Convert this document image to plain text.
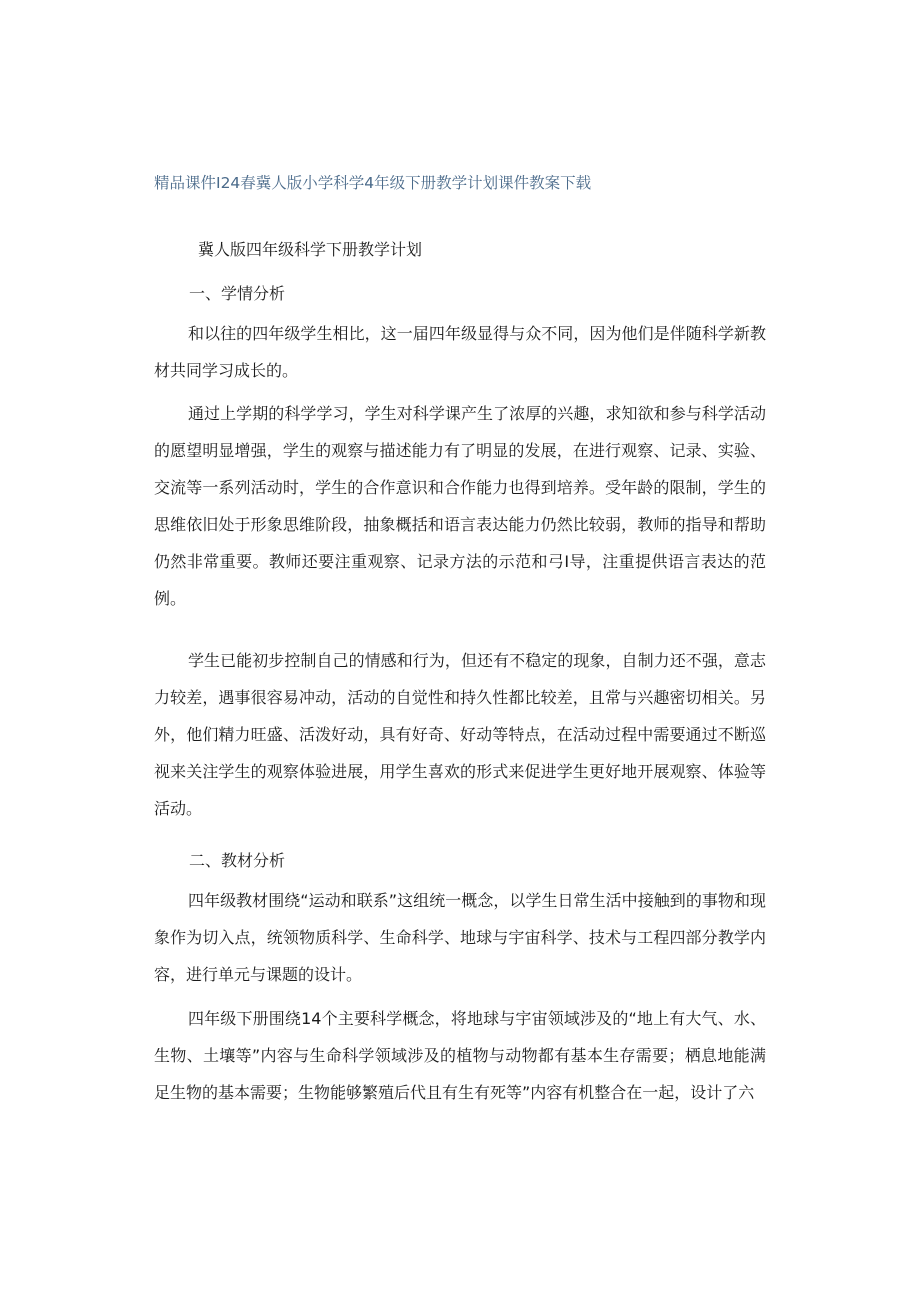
精品课件I24春冀人版小学科学4年级下册教学计划课件教案下载
冀人版四年级科学下册教学计划
一、学情分析

和以往的四年级学生相比，这一届四年级显得与众不同，因为他们是伴随科学新教材共同学习成长的。

通过上学期的科学学习，学生对科学课产生了浓厚的兴趣，求知欲和参与科学活动的愿望明显增强，学生的观察与描述能力有了明显的发展，在进行观察、记录、实验、交流等一系列活动时，学生的合作意识和合作能力也得到培养。受年龄的限制，学生的思维依旧处于形象思维阶段，抽象概括和语言表达能力仍然比较弱，教师的指导和帮助仍然非常重要。教师还要注重观察、记录方法的示范和弓I导，注重提供语言表达的范例。

学生已能初步控制自己的情感和行为，但还有不稳定的现象，自制力还不强，意志力较差，遇事很容易冲动，活动的自觉性和持久性都比较差，且常与兴趣密切相关。另外，他们精力旺盛、活泼好动，具有好奇、好动等特点，在活动过程中需要通过不断巡视来关注学生的观察体验进展，用学生喜欢的形式来促进学生更好地开展观察、体验等活动。

二、教材分析

四年级教材围绕“运动和联系”这组统一概念，以学生日常生活中接触到的事物和现象作为切入点，统领物质科学、生命科学、地球与宇宙科学、技术与工程四部分教学内容，进行单元与课题的设计。

四年级下册围绕14个主要科学概念，将地球与宇宙领域涉及的“地上有大气、水、生物、土壤等”内容与生命科学领域涉及的植物与动物都有基本生存需要；栖息地能满足生物的基本需要；生物能够繁殖后代且有生有死等”内容有机整合在一起，设计了六
